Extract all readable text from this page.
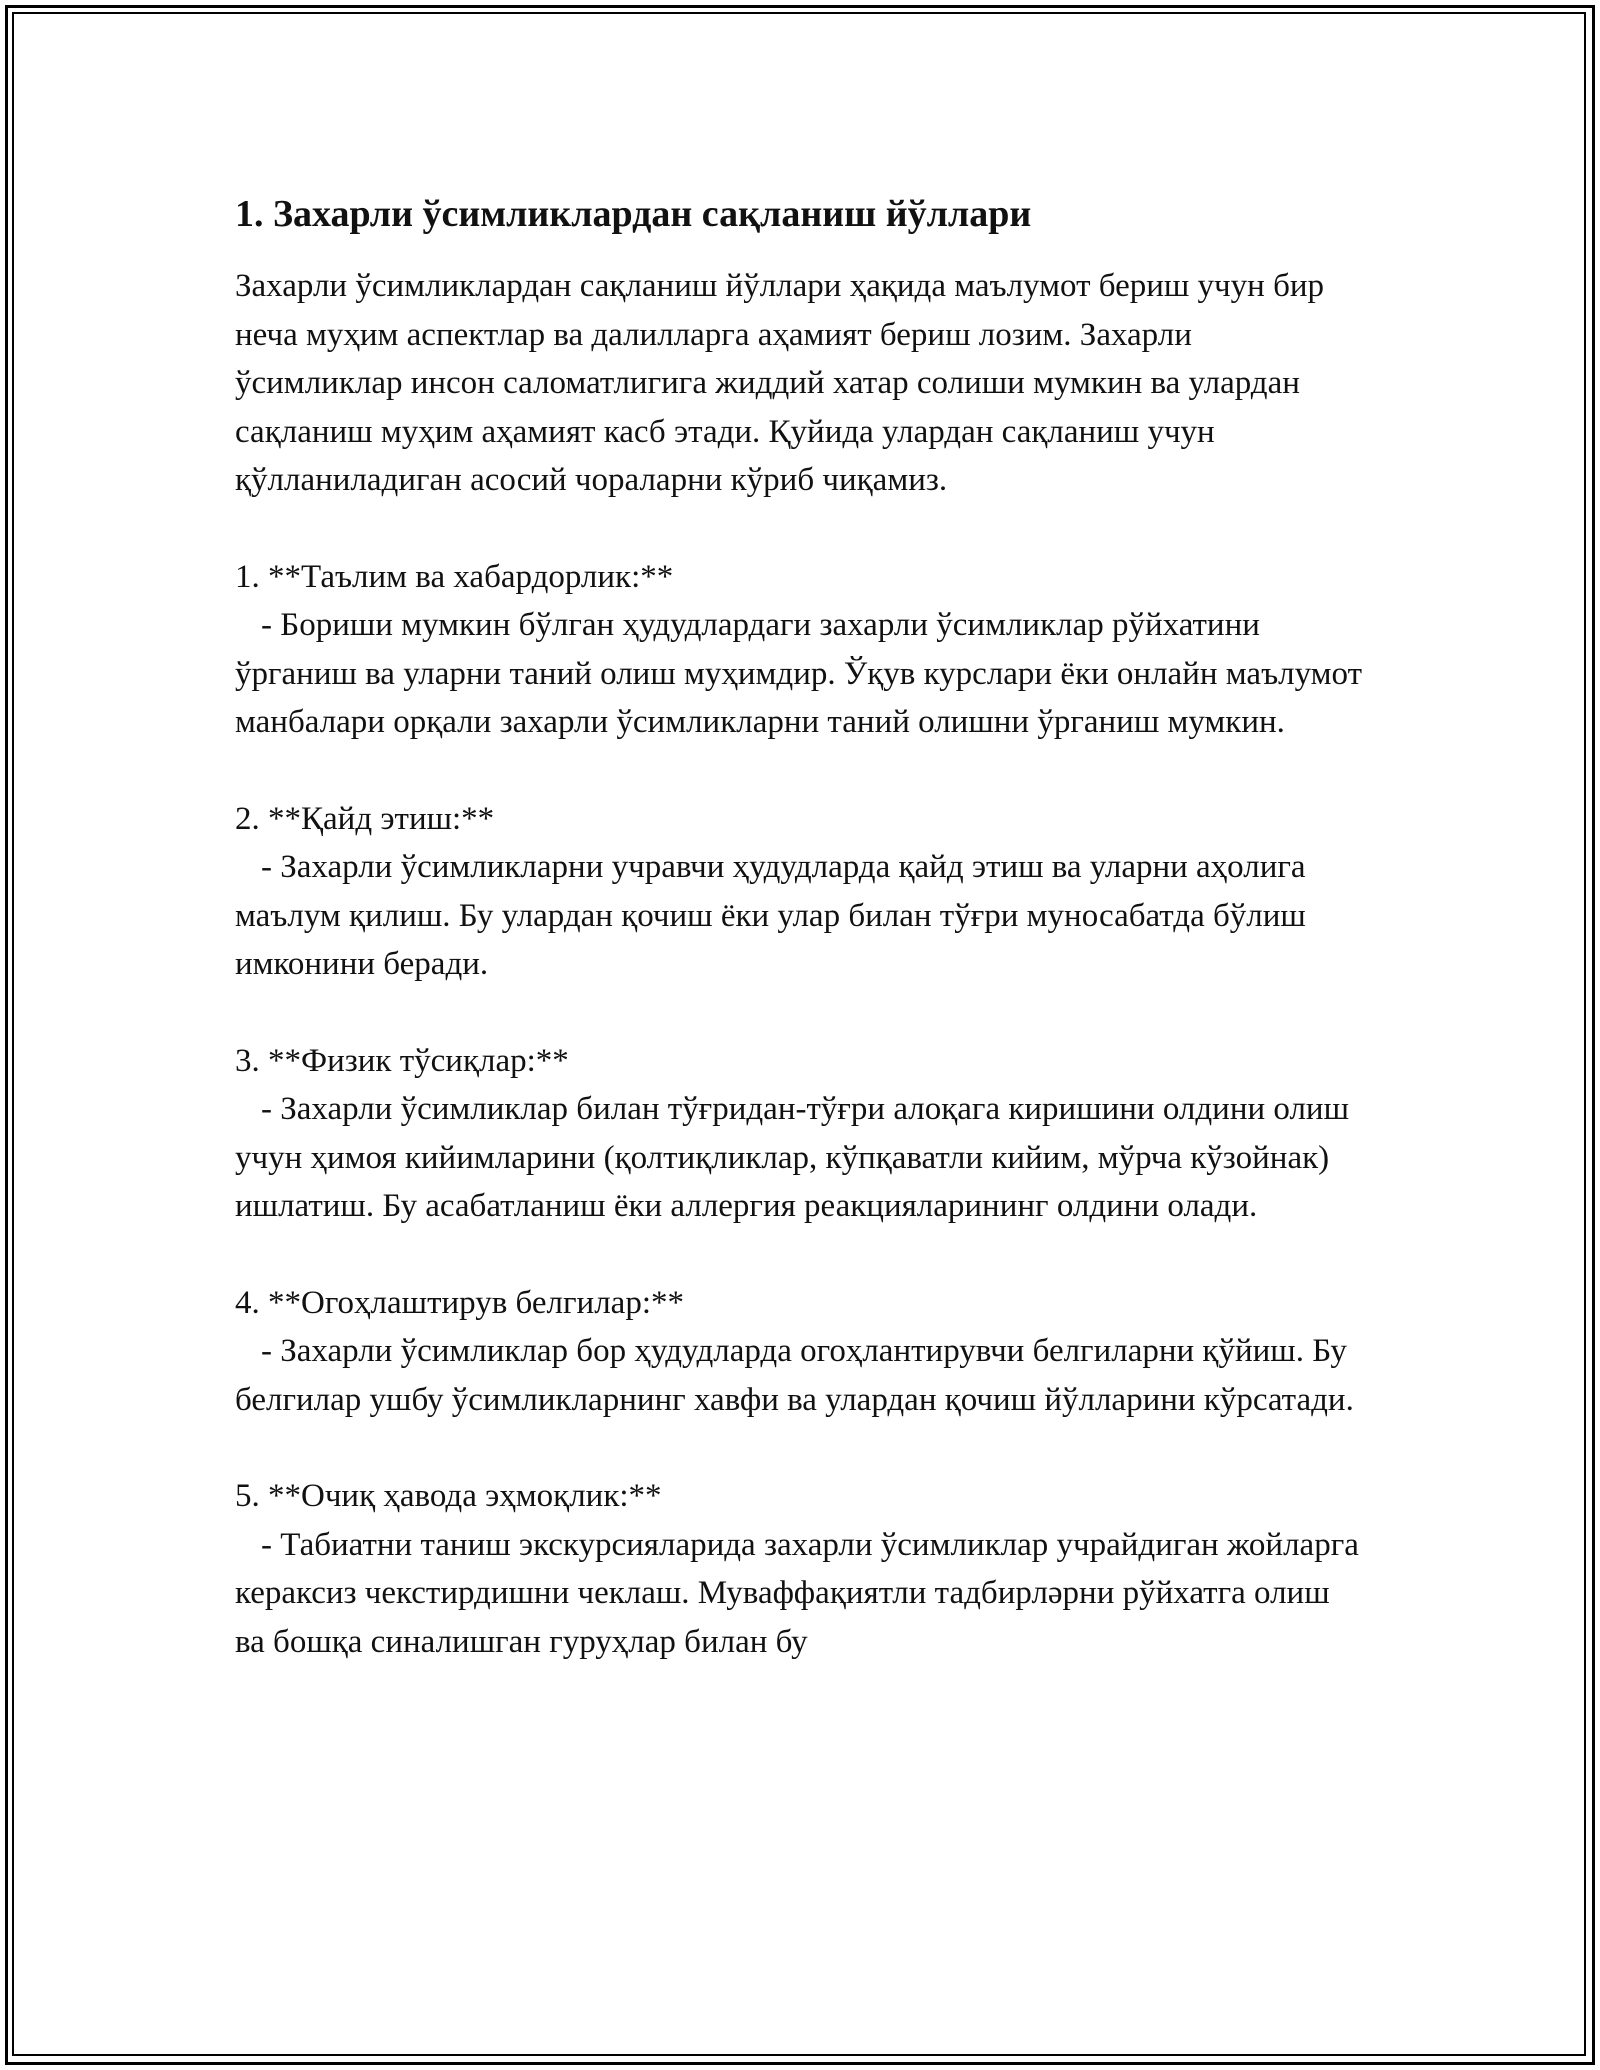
1. Захарли ўсимликлардан сақланиш йўллари

Захарли ўсимликлардан сақланиш йўллари ҳақида маълумот бериш учун бир неча муҳим аспектлар ва далилларга аҳамият бериш лозим. Захарли ўсимликлар инсон саломатлигига жиддий хатар солиши мумкин ва улардан сақланиш муҳим аҳамият касб этади. Қуйида улардан сақланиш учун қўлланиладиган асосий чораларни кўриб чиқамиз.

1. **Таълим ва хабардорлик:**

- Бориши мумкин бўлган ҳудудлардаги захарли ўсимликлар рўйхатини ўрганиш ва уларни таний олиш муҳимдир. Ўқув курслари ёки онлайн маълумот манбалари орқали захарли ўсимликларни таний олишни ўрганиш мумкин.

2. **Қайд этиш:**

- Захарли ўсимликларни учравчи ҳудудларда қайд этиш ва уларни аҳолига маълум қилиш. Бу улардан қочиш ёки улар билан тўғри муносабатда бўлиш имконини беради.

3. **Физик тўсиқлар:**

- Захарли ўсимликлар билан тўғридан-тўғри алоқага киришини олдини олиш учун ҳимоя кийимларини (қолтиқликлар, кўпқаватли кийим, мўрча кўзойнак) ишлатиш. Бу асабатланиш ёки аллергия реакцияларининг олдини олади.

4. **Огоҳлаштирув белгилар:**

- Захарли ўсимликлар бор ҳудудларда огоҳлантирувчи белгиларни қўйиш. Бу белгилар ушбу ўсимликларнинг хавфи ва улардан қочиш йўлларини кўрсатади.

5. **Очиқ ҳавода эҳмоқлик:**

- Табиатни таниш экскурсияларида захарли ўсимликлар учрайдиган жойларга кераксиз чекстирдишни чеклаш. Муваффақиятли тадбирләрни рўйхатга олиш ва бошқа синалишган гуруҳлар билан бу
